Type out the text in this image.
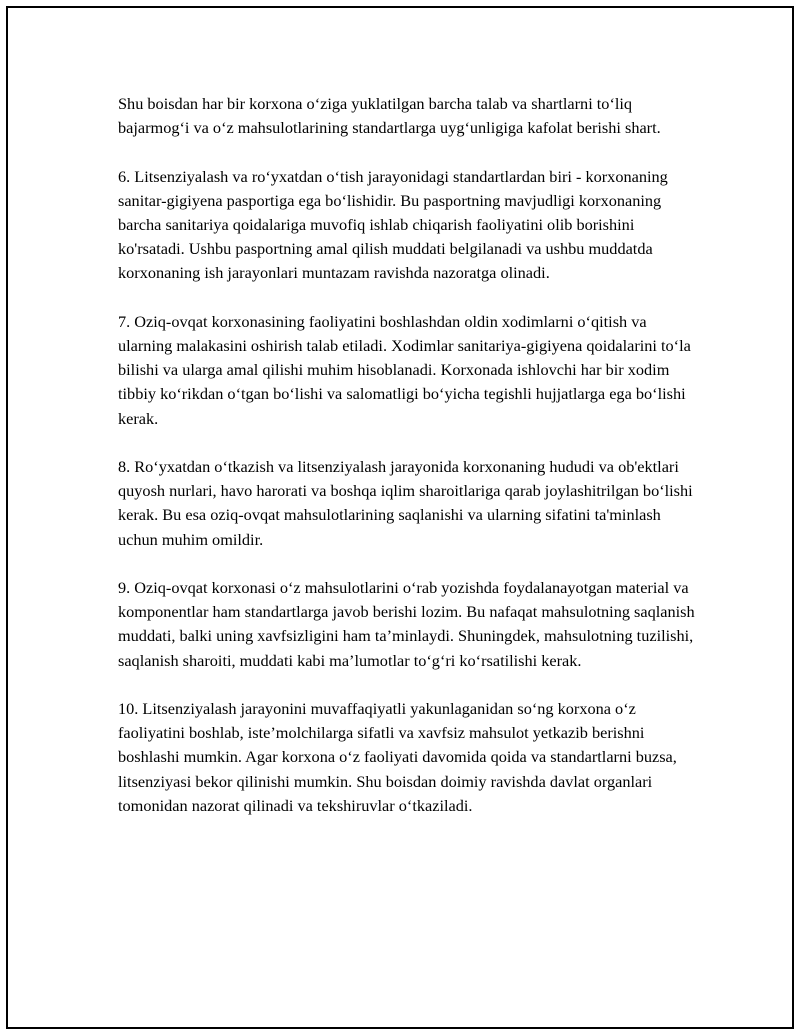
Shu boisdan har bir korxona o‘ziga yuklatilgan barcha talab va shartlarni to‘liq bajarmog‘i va o‘z mahsulotlarining standartlarga uyg‘unligiga kafolat berishi shart.

6. Litsenziyalash va ro‘yxatdan o‘tish jarayonidagi standartlardan biri - korxonaning sanitar-gigiyena pasportiga ega bo‘lishidir. Bu pasportning mavjudligi korxonaning barcha sanitariya qoidalariga muvofiq ishlab chiqarish faoliyatini olib borishini ko'rsatadi. Ushbu pasportning amal qilish muddati belgilanadi va ushbu muddatda korxonaning ish jarayonlari muntazam ravishda nazoratga olinadi.

7. Oziq-ovqat korxonasining faoliyatini boshlashdan oldin xodimlarni o‘qitish va ularning malakasini oshirish talab etiladi. Xodimlar sanitariya-gigiyena qoidalarini to‘la bilishi va ularga amal qilishi muhim hisoblanadi. Korxonada ishlovchi har bir xodim tibbiy ko‘rikdan o‘tgan bo‘lishi va salomatligi bo‘yicha tegishli hujjatlarga ega bo‘lishi kerak.

8. Ro‘yxatdan o‘tkazish va litsenziyalash jarayonida korxonaning hududi va ob'ektlari quyosh nurlari, havo harorati va boshqa iqlim sharoitlariga qarab joylashitrilgan bo‘lishi kerak. Bu esa oziq-ovqat mahsulotlarining saqlanishi va ularning sifatini ta'minlash uchun muhim omildir.

9. Oziq-ovqat korxonasi o‘z mahsulotlarini o‘rab yozishda foydalanayotgan material va komponentlar ham standartlarga javob berishi lozim. Bu nafaqat mahsulotning saqlanish muddati, balki uning xavfsizligini ham ta’minlaydi. Shuningdek, mahsulotning tuzilishi, saqlanish sharoiti, muddati kabi ma’lumotlar to‘g‘ri ko‘rsatilishi kerak.

10. Litsenziyalash jarayonini muvaffaqiyatli yakunlaganidan so‘ng korxona o‘z faoliyatini boshlab, iste’molchilarga sifatli va xavfsiz mahsulot yetkazib berishni boshlashi mumkin. Agar korxona o‘z faoliyati davomida qoida va standartlarni buzsa, litsenziyasi bekor qilinishi mumkin. Shu boisdan doimiy ravishda davlat organlari tomonidan nazorat qilinadi va tekshiruvlar o‘tkaziladi.
